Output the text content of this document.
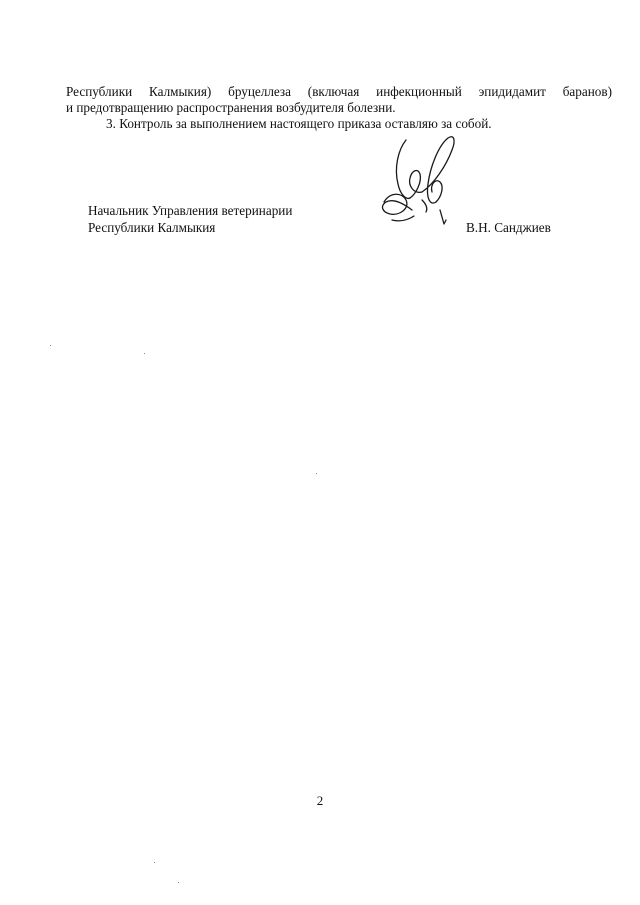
Республики Калмыкия) бруцеллеза (включая инфекционный эпидидамит баранов)

и предотвращению распространения возбудителя болезни.

3. Контроль за выполнением настоящего приказа оставляю за собой.

Начальник Управления ветеринарии
Республики Калмыкия	В.Н. Санджиев
2
